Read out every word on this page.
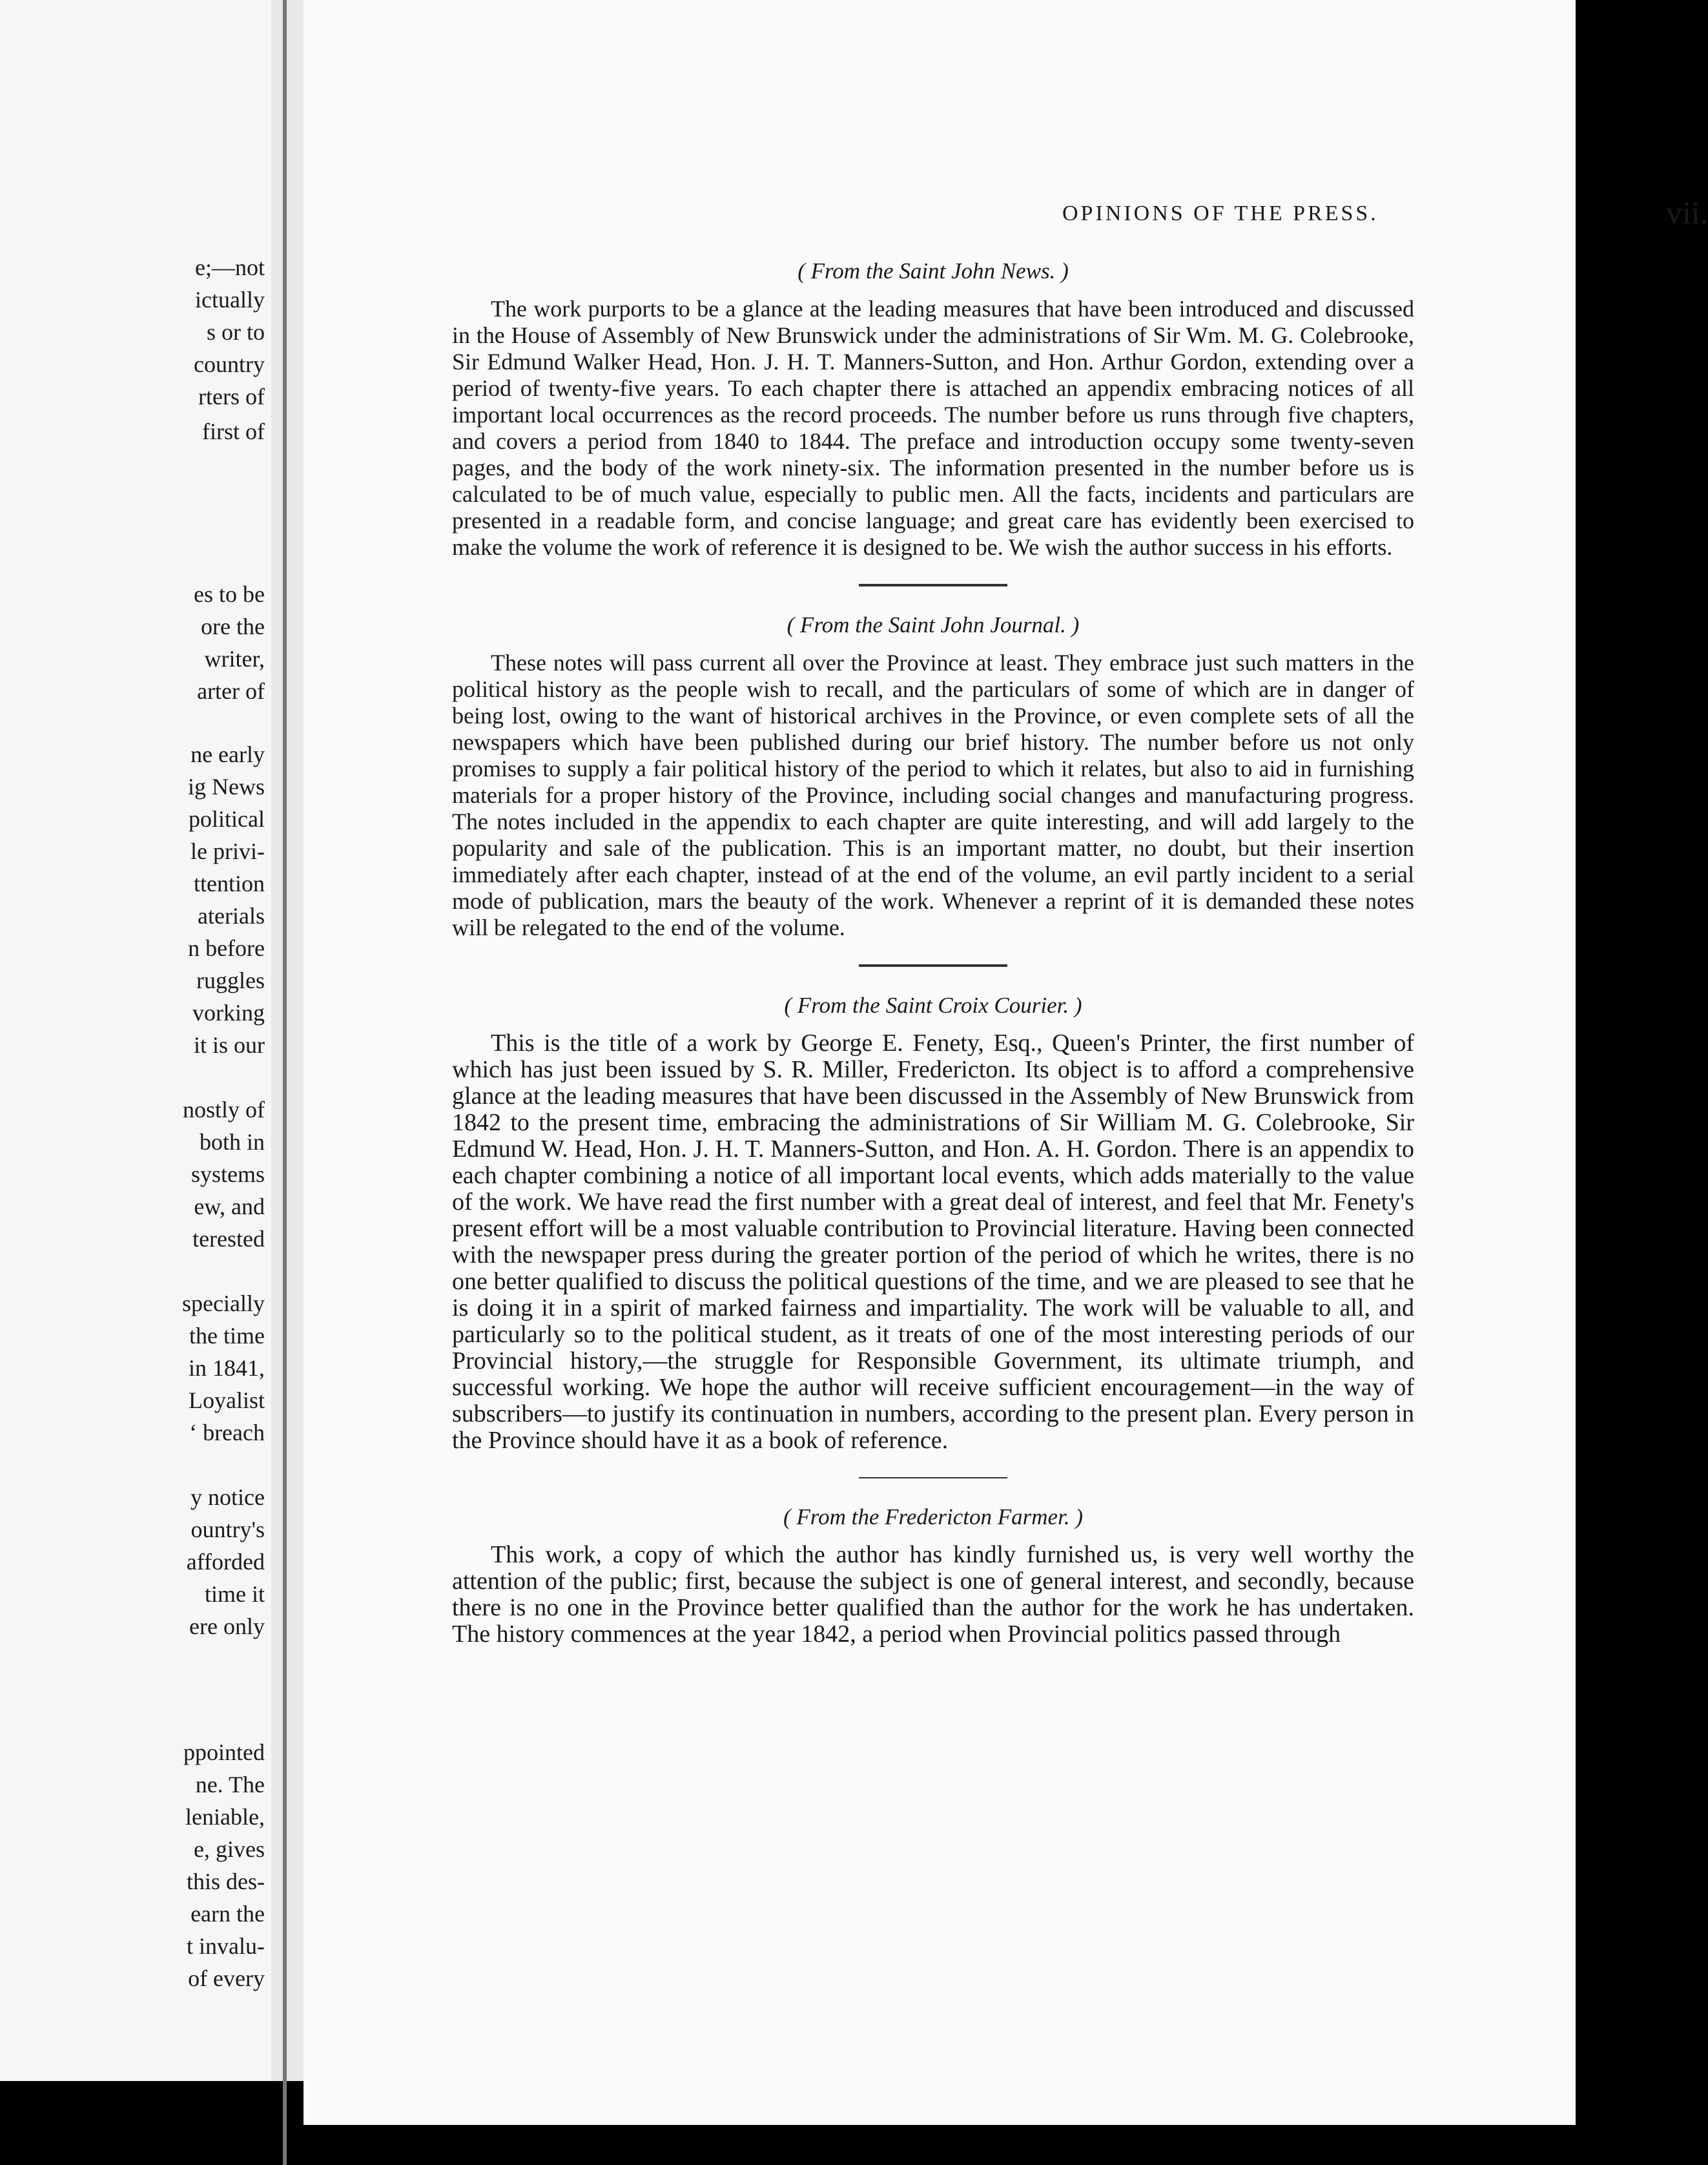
e;—not
ictually
s or to
country
rters of
first of
es to be
ore the
writer,
arter of
ne early
ig News
political
le privi-
ttention
aterials
n before
ruggles
vorking
it is our
nostly of
both in
systems
ew, and
terested
specially
the time
in 1841,
Loyalist
‘ breach
y notice
ountry's
afforded
time it
ere only
ppointed
ne. The
leniable,
e, gives
this des-
earn the
t invalu-
of every
OPINIONS OF THE PRESS.	vii.

( From the Saint John News. )

The work purports to be a glance at the leading measures that have been introduced and discussed in the House of Assembly of New Brunswick under the administrations of Sir Wm. M. G. Colebrooke, Sir Edmund Walker Head, Hon. J. H. T. Manners-Sutton, and Hon. Arthur Gordon, extending over a period of twenty-five years. To each chapter there is attached an appendix embracing notices of all important local occurrences as the record proceeds. The number before us runs through five chapters, and covers a period from 1840 to 1844. The preface and introduction occupy some twenty-seven pages, and the body of the work ninety-six. The information presented in the number before us is calculated to be of much value, especially to public men. All the facts, incidents and particulars are presented in a readable form, and concise language; and great care has evidently been exercised to make the volume the work of reference it is designed to be. We wish the author success in his efforts.

( From the Saint John Journal. )

These notes will pass current all over the Province at least. They embrace just such matters in the political history as the people wish to recall, and the particulars of some of which are in danger of being lost, owing to the want of historical archives in the Province, or even complete sets of all the newspapers which have been published during our brief history. The number before us not only promises to supply a fair political history of the period to which it relates, but also to aid in furnishing materials for a proper history of the Province, including social changes and manufacturing progress. The notes included in the appendix to each chapter are quite interesting, and will add largely to the popularity and sale of the publication. This is an important matter, no doubt, but their insertion immediately after each chapter, instead of at the end of the volume, an evil partly incident to a serial mode of publication, mars the beauty of the work. Whenever a reprint of it is demanded these notes will be relegated to the end of the volume.

( From the Saint Croix Courier. )

This is the title of a work by George E. Fenety, Esq., Queen's Printer, the first number of which has just been issued by S. R. Miller, Fredericton. Its object is to afford a comprehensive glance at the leading measures that have been discussed in the Assembly of New Brunswick from 1842 to the present time, embracing the administrations of Sir William M. G. Colebrooke, Sir Edmund W. Head, Hon. J. H. T. Manners-Sutton, and Hon. A. H. Gordon. There is an appendix to each chapter combining a notice of all important local events, which adds materially to the value of the work. We have read the first number with a great deal of interest, and feel that Mr. Fenety's present effort will be a most valuable contribution to Provincial literature. Having been connected with the newspaper press during the greater portion of the period of which he writes, there is no one better qualified to discuss the political questions of the time, and we are pleased to see that he is doing it in a spirit of marked fairness and impartiality. The work will be valuable to all, and particularly so to the political student, as it treats of one of the most interesting periods of our Provincial history,—the struggle for Responsible Government, its ultimate triumph, and successful working. We hope the author will receive sufficient encouragement—in the way of subscribers—to justify its continuation in numbers, according to the present plan. Every person in the Province should have it as a book of reference.

( From the Fredericton Farmer. )

This work, a copy of which the author has kindly furnished us, is very well worthy the attention of the public; first, because the subject is one of general interest, and secondly, because there is no one in the Province better qualified than the author for the work he has undertaken. The history commences at the year 1842, a period when Provincial politics passed through
